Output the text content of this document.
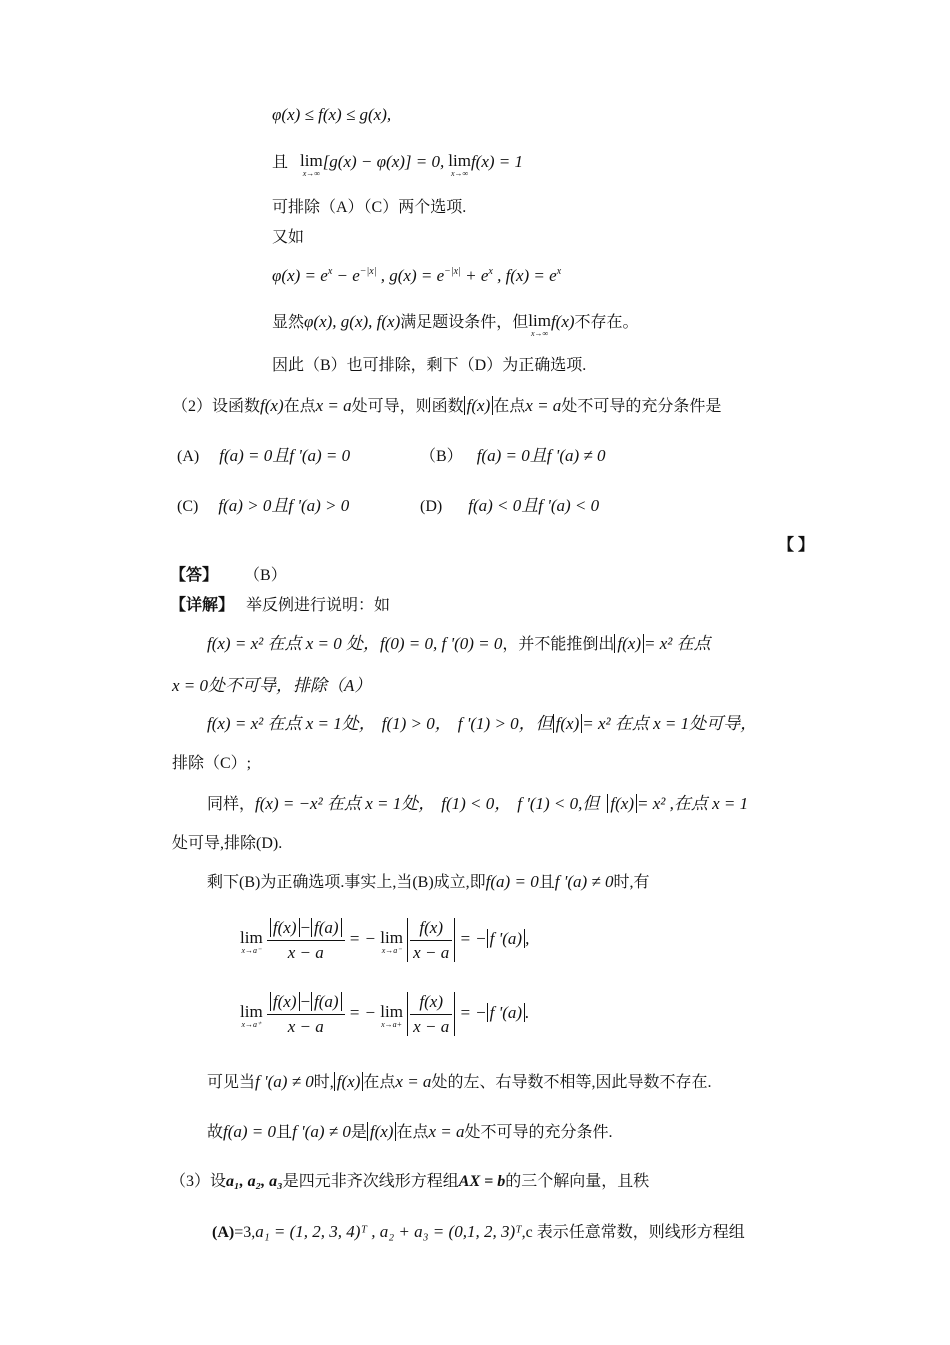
φ(x) ≤ f(x) ≤ g(x),
且 lim
x→∞
[g(x) − φ(x)] = 0, lim
x→∞
f(x) = 1
可排除（A）（C）两个选项.
又如
$\varphi(x) = e^x - e^{-|x|}$ , $g(x) = e^{-|x|} + e^x$ , $f(x) = e^x$
显然φ(x), g(x), f(x)满足题设条件，但 lim
x→∞
f(x)不存在。
因此（B）也可排除，剩下（D）为正确选项.
（2）设函数f(x)在点x = a处可导，则函数 f(x) 在点x = a处不可导的充分条件是
(A) f(a) = 0且f '(a) = 0	（B） f(a) = 0且f '(a) ≠ 0
(C) f(a) > 0且f '(a) > 0	(D) f(a) < 0且f '(a) < 0
【 】
【答】 （B）
【详解】 举反例进行说明：如
f(x) = x² 在点 x = 0 处，f(0) = 0, f '(0) = 0，并不能推倒出 f(x) = x² 在点
x = 0处不可导，排除（A）
f(x) = x² 在点 x = 1处， f(1) > 0， f '(1) > 0，但 f(x) = x² 在点 x = 1处可导，
排除（C）;
同样，f(x) = −x² 在点 x = 1处， f(1) < 0， f '(1) < 0,但 f(x) = x² ,在点 x = 1
处可导,排除(D).
剩下(B)为正确选项.事实上,当(B)成立,即f(a) = 0且f '(a) ≠ 0时,有
lim
x→a⁻
$\frac{f(x) - f(a)}{x - a}$ = − lim
x→a⁻
$\frac{f(x)}{x - a}$ = − f '(a) ,
lim
x→a⁺
$\frac{f(x) - f(a)}{x - a}$ = − lim
x→a+
$\frac{f(x)}{x - a}$ = − f '(a) .
可见当f '(a) ≠ 0时, f(x) 在点x = a处的左、右导数不相等,因此导数不存在.
故f(a) = 0且f '(a) ≠ 0是 f(x) 在点x = a处不可导的充分条件.
（3）设a₁, a₂, a₃是四元非齐次线形方程组AX = b的三个解向量，且秩
(A)=3,a₁ = (1, 2, 3, 4)ᵀ , a₂ + a₃ = (0,1, 2, 3)ᵀ,c 表示任意常数，则线形方程组
